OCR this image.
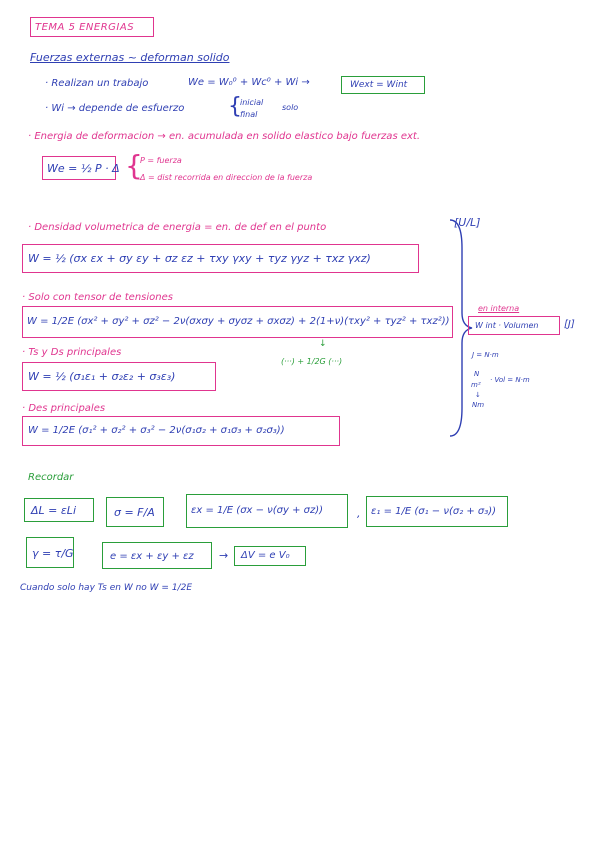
TEMA 5 ENERGIAS
Fuerzas externas ~ deforman solido
· Realizan un trabajo	We = W₀⁰ + Wc⁰ + Wi →	Wext = Wint
· Wi → depende de esfuerzo {
inicial
final
solo
· Energia de deformacion → en. acumulada en solido elastico bajo fuerzas ext.
We = ½ P · Δ {
P = fuerza
Δ = dist recorrida en direccion de la fuerza
· Densidad volumetrica de energia = en. de def en el punto	[U/L]
W = ½ (σx εx + σy εy + σz εz + τxy γxy + τyz γyz + τxz γxz)
· Solo con tensor de tensiones
W = 1/2E (σx² + σy² + σz² − 2ν(σxσy + σyσz + σxσz) + 2(1+ν)(τxy² + τyz² + τxz²))
↓
(···) + 1/2G (···)
· Ts y Ds principales
W = ½ (σ₁ε₁ + σ₂ε₂ + σ₃ε₃)
· Des principales
W = 1/2E (σ₁² + σ₂² + σ₃² − 2ν(σ₁σ₂ + σ₁σ₃ + σ₂σ₃))
en interna
W int · Volumen	[J]
J = N·m
N
m²
· Vol = N·m
↓
Nm
Recordar
ΔL = εLi	σ = F/A	εx = 1/E (σx − ν(σy + σz))	, ε₁ = 1/E (σ₁ − ν(σ₂ + σ₃))
γ = τ/G	e = εx + εy + εz → ΔV = e V₀
Cuando solo hay Ts en W no W = 1/2E
